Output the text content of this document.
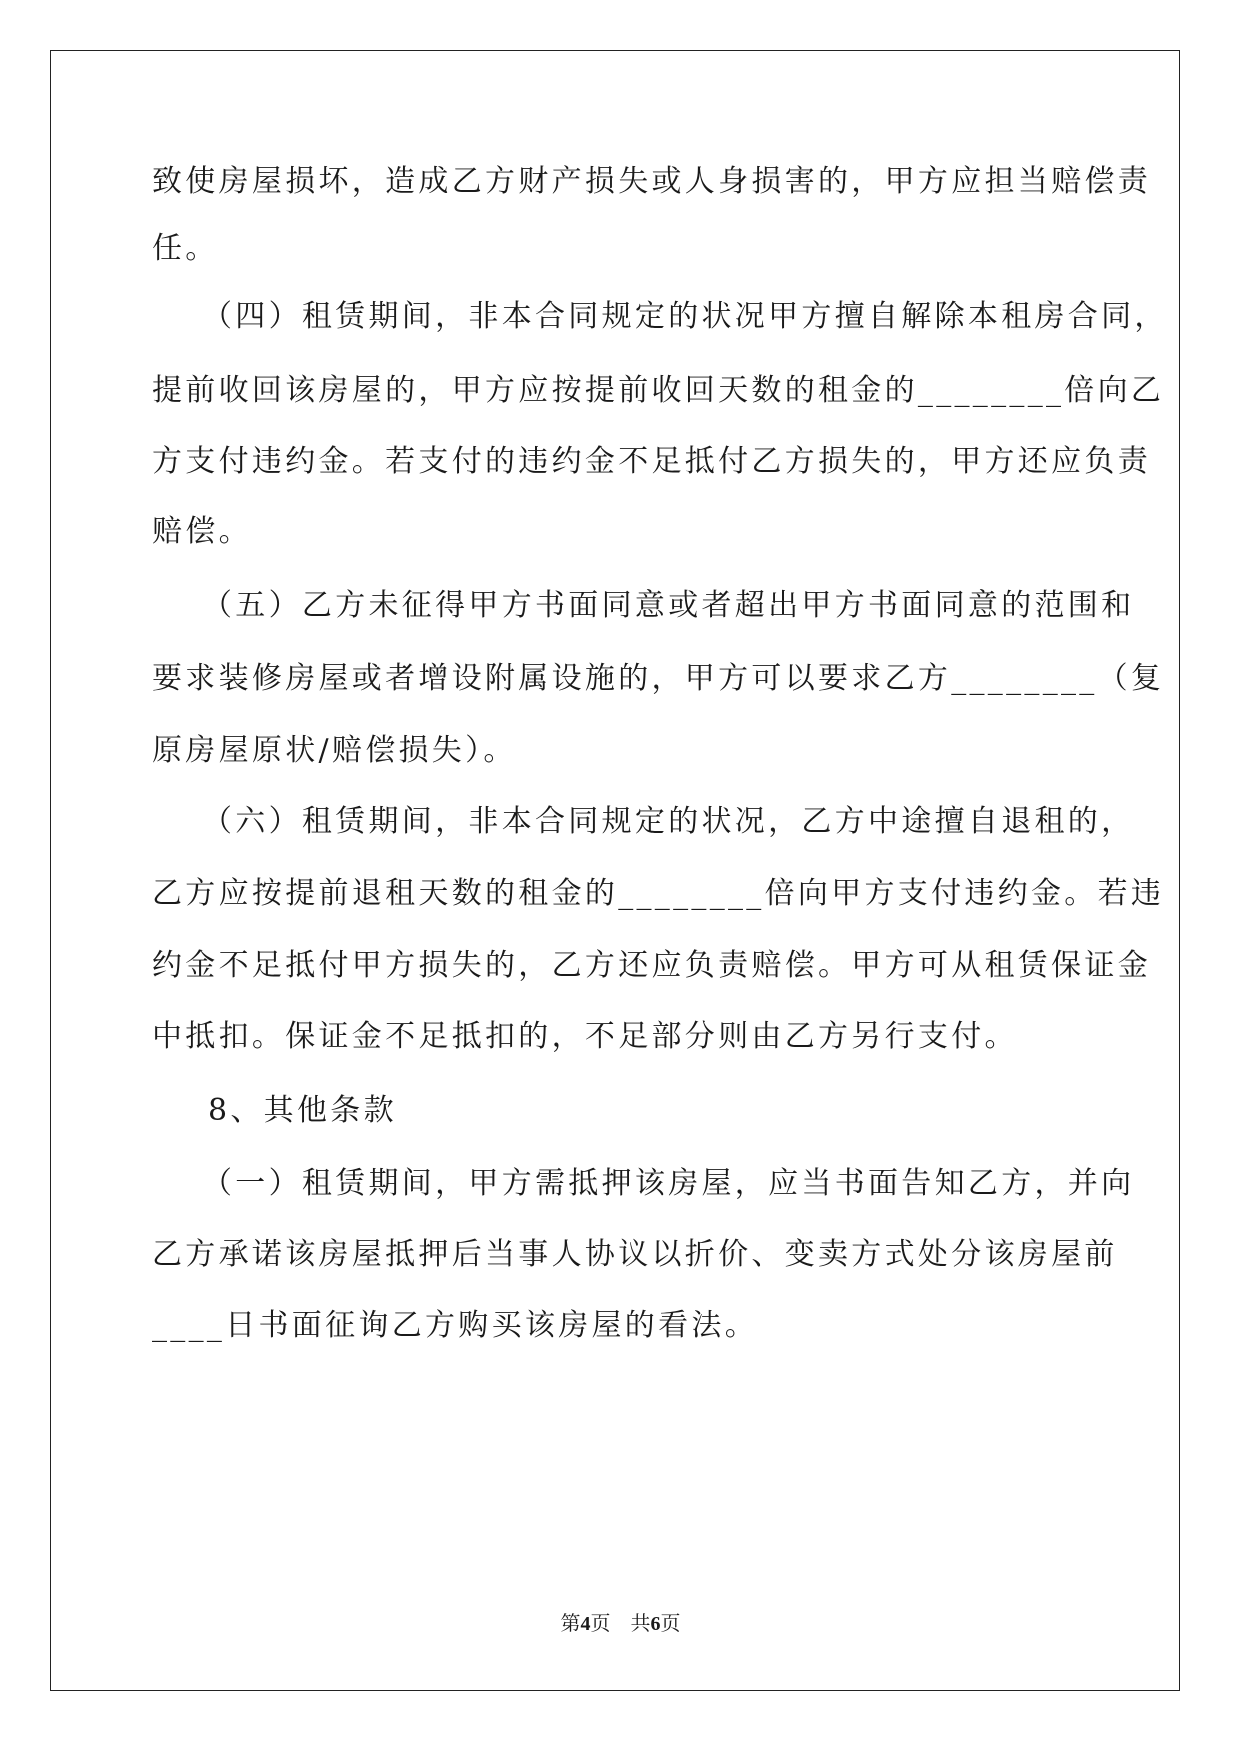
致使房屋损坏，造成乙方财产损失或人身损害的，甲方应担当赔偿责
任。
（四）租赁期间，非本合同规定的状况甲方擅自解除本租房合同，
提前收回该房屋的，甲方应按提前收回天数的租金的________倍向乙
方支付违约金。若支付的违约金不足抵付乙方损失的，甲方还应负责
赔偿。
（五）乙方未征得甲方书面同意或者超出甲方书面同意的范围和
要求装修房屋或者增设附属设施的，甲方可以要求乙方________（复
原房屋原状/赔偿损失）。
（六）租赁期间，非本合同规定的状况，乙方中途擅自退租的，
乙方应按提前退租天数的租金的________倍向甲方支付违约金。若违
约金不足抵付甲方损失的，乙方还应负责赔偿。甲方可从租赁保证金
中抵扣。保证金不足抵扣的，不足部分则由乙方另行支付。
8、其他条款
（一）租赁期间，甲方需抵押该房屋，应当书面告知乙方，并向
乙方承诺该房屋抵押后当事人协议以折价、变卖方式处分该房屋前
____日书面征询乙方购买该房屋的看法。
第4页 共6页
